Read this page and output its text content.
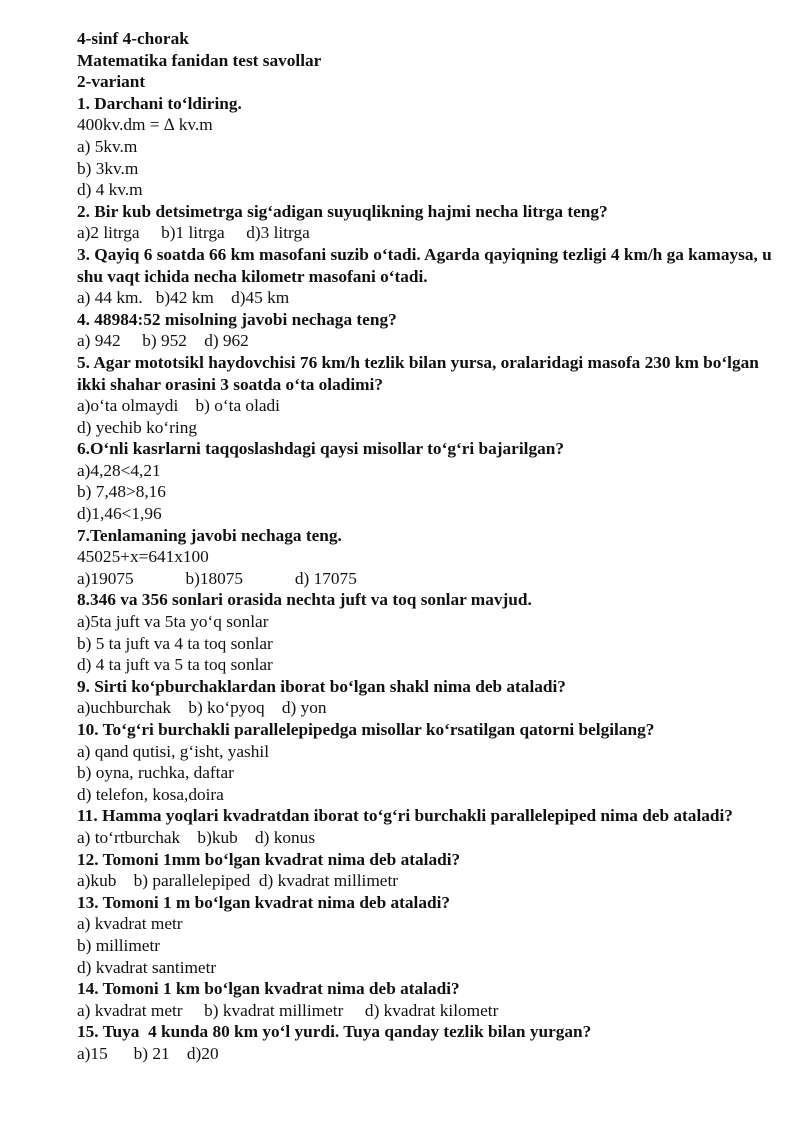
4-sinf 4-chorak
Matematika fanidan test savollar
2-variant
1. Darchani to‘ldiring.
400kv.dm = ∆ kv.m
a) 5kv.m
b) 3kv.m
d) 4 kv.m
2. Bir kub detsimetrga sig‘adigan suyuqlikning hajmi necha litrga teng?
a)2 litrga     b)1 litrga     d)3 litrga
3. Qayiq 6 soatda 66 km masofani suzib o‘tadi. Agarda qayiqning tezligi 4 km/h ga kamaysa, u shu vaqt ichida necha kilometr masofani o‘tadi.
a) 44 km.   b)42 km    d)45 km
4. 48984:52 misolning javobi nechaga teng?
a) 942     b) 952    d) 962
5. Agar mototsikl haydovchisi 76 km/h tezlik bilan yursa, oralaridagi masofa 230 km bo‘lgan ikki shahar orasini 3 soatda o‘ta oladimi?
a)o‘ta olmaydi    b) o‘ta oladi
d) yechib ko‘ring
6.O‘nli kasrlarni taqqoslashdagi qaysi misollar to‘g‘ri bajarilgan?
a)4,28<4,21
b) 7,48>8,16
d)1,46<1,96
7.Tenlamaning javobi nechaga teng.
45025+x=641x100
a)19075            b)18075            d) 17075
8.346 va 356 sonlari orasida nechta juft va toq sonlar mavjud.
a)5ta juft va 5ta yo‘q sonlar
b) 5 ta juft va 4 ta toq sonlar
d) 4 ta juft va 5 ta toq sonlar
9. Sirti ko‘pburchaklardan iborat bo‘lgan shakl nima deb ataladi?
a)uchburchak    b) ko‘pyoq    d) yon
10. To‘g‘ri burchakli parallelepipedga misollar ko‘rsatilgan qatorni belgilang?
a) qand qutisi, g‘isht, yashil
b) oyna, ruchka, daftar
d) telefon, kosa,doira
11. Hamma yoqlari kvadratdan iborat to‘g‘ri burchakli parallelepiped nima deb ataladi?
a) to‘rtburchak    b)kub    d) konus
12. Tomoni 1mm bo‘lgan kvadrat nima deb ataladi?
a)kub    b) parallelepiped  d) kvadrat millimetr
13. Tomoni 1 m bo‘lgan kvadrat nima deb ataladi?
a) kvadrat metr
b) millimetr
d) kvadrat santimetr
14. Tomoni 1 km bo‘lgan kvadrat nima deb ataladi?
a) kvadrat metr     b) kvadrat millimetr     d) kvadrat kilometr
15. Tuya  4 kunda 80 km yo‘l yurdi. Tuya qanday tezlik bilan yurgan?
a)15      b) 21    d)20
